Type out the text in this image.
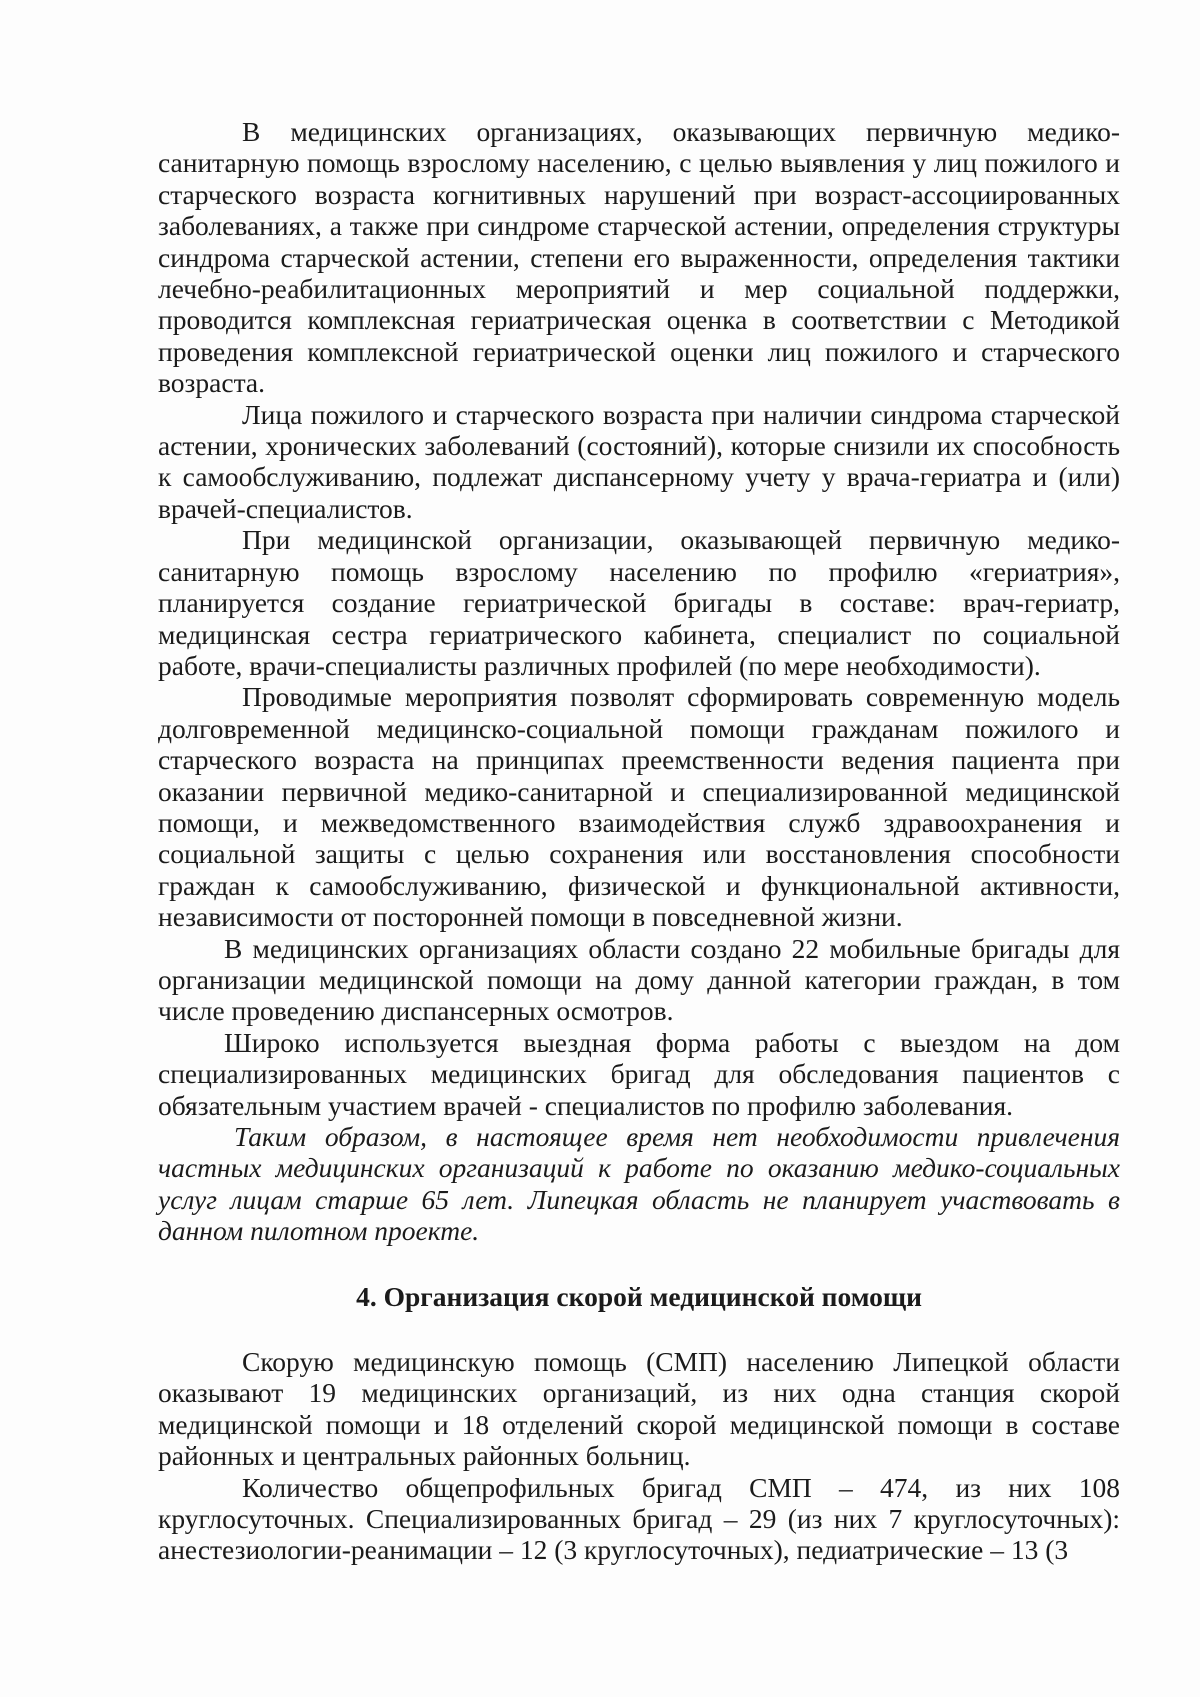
В медицинских организациях, оказывающих первичную медико-санитарную помощь взрослому населению, с целью выявления у лиц пожилого и старческого возраста когнитивных нарушений при возраст-ассоциированных заболеваниях, а также при синдроме старческой астении, определения структуры синдрома старческой астении, степени его выраженности, определения тактики лечебно-реабилитационных мероприятий и мер социальной поддержки, проводится комплексная гериатрическая оценка в соответствии с Методикой проведения комплексной гериатрической оценки лиц пожилого и старческого возраста.

Лица пожилого и старческого возраста при наличии синдрома старческой астении, хронических заболеваний (состояний), которые снизили их способность к самообслуживанию, подлежат диспансерному учету у врача-гериатра и (или) врачей-специалистов.

При медицинской организации, оказывающей первичную медико-санитарную помощь взрослому населению по профилю «гериатрия», планируется создание гериатрической бригады в составе: врач-гериатр, медицинская сестра гериатрического кабинета, специалист по социальной работе, врачи-специалисты различных профилей (по мере необходимости).

Проводимые мероприятия позволят сформировать современную модель долговременной медицинско-социальной помощи гражданам пожилого и старческого возраста на принципах преемственности ведения пациента при оказании первичной медико-санитарной и специализированной медицинской помощи, и межведомственного взаимодействия служб здравоохранения и социальной защиты с целью сохранения или восстановления способности граждан к самообслуживанию, физической и функциональной активности, независимости от посторонней помощи в повседневной жизни.

В медицинских организациях области создано 22 мобильные бригады для организации медицинской помощи на дому данной категории граждан, в том числе проведению диспансерных осмотров.

Широко используется выездная форма работы с выездом на дом специализированных медицинских бригад для обследования пациентов с обязательным участием врачей - специалистов по профилю заболевания.

Таким образом, в настоящее время нет необходимости привлечения частных медицинских организаций к работе по оказанию медико-социальных услуг лицам старше 65 лет. Липецкая область не планирует участвовать в данном пилотном проекте.

4. Организация скорой медицинской помощи

Скорую медицинскую помощь (СМП) населению Липецкой области оказывают 19 медицинских организаций, из них одна станция скорой медицинской помощи и 18 отделений скорой медицинской помощи в составе районных и центральных районных больниц.

Количество общепрофильных бригад СМП – 474, из них 108 круглосуточных. Специализированных бригад – 29 (из них 7 круглосуточных): анестезиологии-реанимации – 12 (3 круглосуточных), педиатрические – 13 (3
